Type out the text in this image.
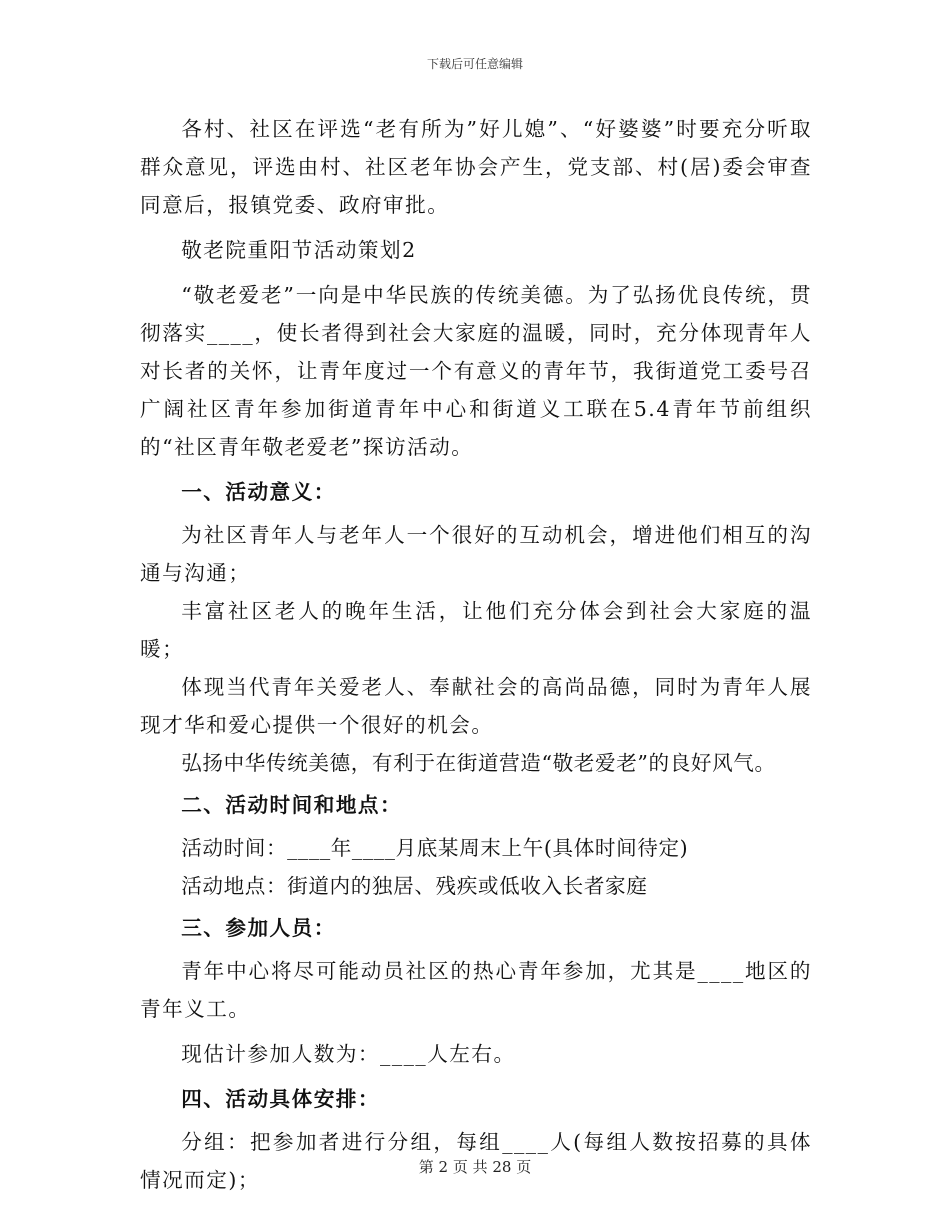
下载后可任意编辑

各村、社区在评选“老有所为”好儿媳”、“好婆婆”时要充分听取群众意见，评选由村、社区老年协会产生，党支部、村(居)委会审查同意后，报镇党委、政府审批。

敬老院重阳节活动策划2

“敬老爱老”一向是中华民族的传统美德。为了弘扬优良传统，贯彻落实____，使长者得到社会大家庭的温暖，同时，充分体现青年人对长者的关怀，让青年度过一个有意义的青年节，我街道党工委号召广阔社区青年参加街道青年中心和街道义工联在5.4青年节前组织的“社区青年敬老爱老”探访活动。

一、活动意义：

为社区青年人与老年人一个很好的互动机会，增进他们相互的沟通与沟通；

丰富社区老人的晚年生活，让他们充分体会到社会大家庭的温暖；

体现当代青年关爱老人、奉献社会的高尚品德，同时为青年人展现才华和爱心提供一个很好的机会。

弘扬中华传统美德，有利于在街道营造“敬老爱老”的良好风气。

二、活动时间和地点：

活动时间：____年____月底某周末上午(具体时间待定)

活动地点：街道内的独居、残疾或低收入长者家庭

三、参加人员：

青年中心将尽可能动员社区的热心青年参加，尤其是____地区的青年义工。

现估计参加人数为：____人左右。

四、活动具体安排：

分组：把参加者进行分组，每组____人(每组人数按招募的具体情况而定)；

第 2 页 共 28 页
